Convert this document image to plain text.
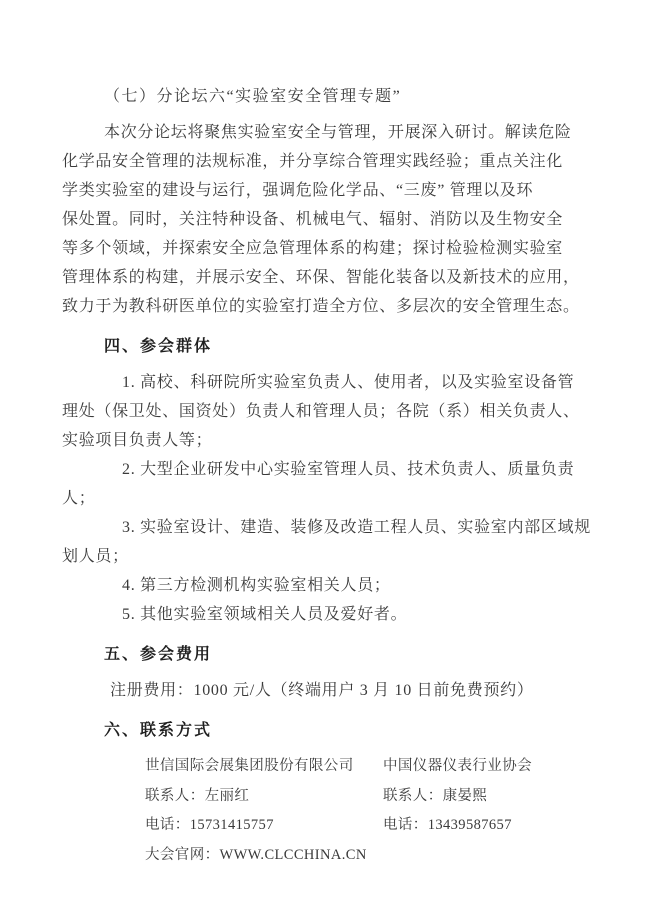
（七）分论坛六“实验室安全管理专题”
本次分论坛将聚焦实验室安全与管理，开展深入研讨。解读危险
化学品安全管理的法规标准，并分享综合管理实践经验；重点关注化
学类实验室的建设与运行，强调危险化学品、“三废” 管理以及环
保处置。同时，关注特种设备、机械电气、辐射、消防以及生物安全
等多个领域，并探索安全应急管理体系的构建；探讨检验检测实验室
管理体系的构建，并展示安全、环保、智能化装备以及新技术的应用，
致力于为教科研医单位的实验室打造全方位、多层次的安全管理生态。
四、参会群体
1. 高校、科研院所实验室负责人、使用者，以及实验室设备管
理处（保卫处、国资处）负责人和管理人员；各院（系）相关负责人、
实验项目负责人等；
2. 大型企业研发中心实验室管理人员、技术负责人、质量负责
人；
3. 实验室设计、建造、装修及改造工程人员、实验室内部区域规
划人员；
4. 第三方检测机构实验室相关人员；
5. 其他实验室领域相关人员及爱好者。
五、参会费用
注册费用：1000 元/人（终端用户 3 月 10 日前免费预约）
六、联系方式
世信国际会展集团股份有限公司
联系人：左丽红
电话：15731415757
大会官网：WWW.CLCCHINA.CN
中国仪器仪表行业协会
联系人：康晏熙
电话：13439587657
